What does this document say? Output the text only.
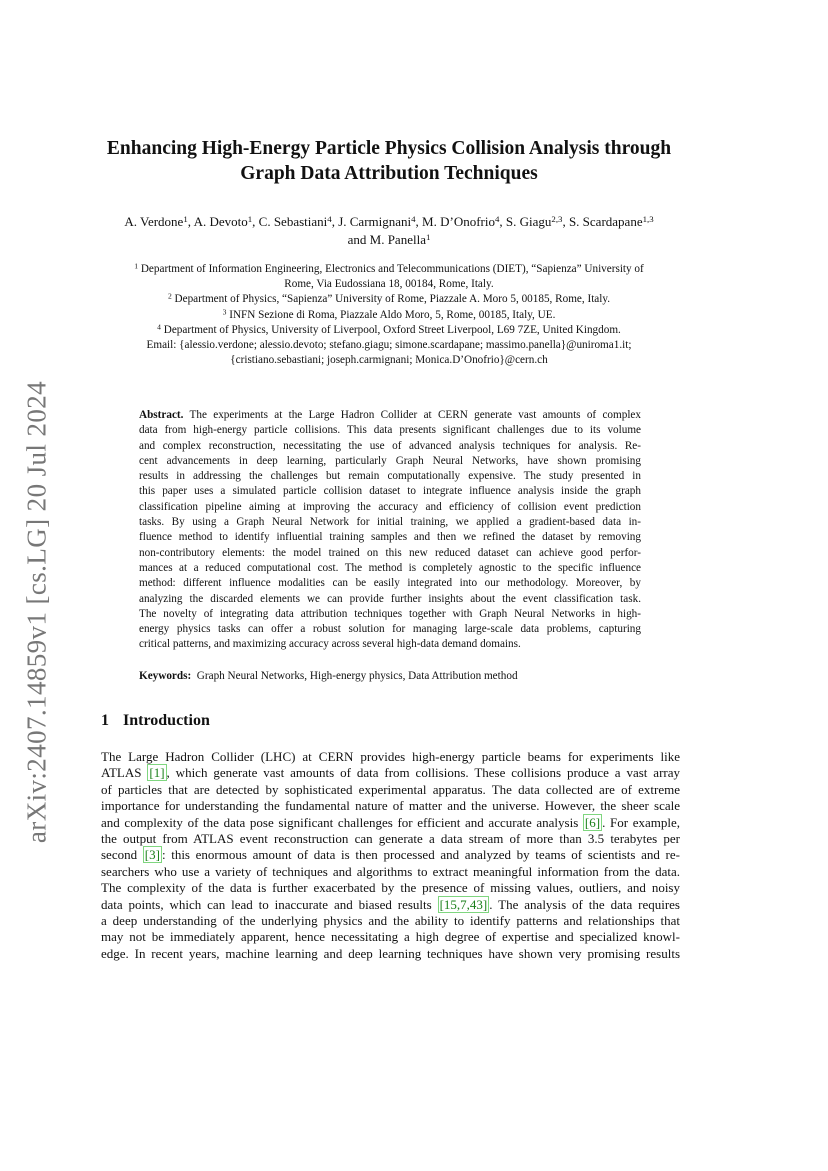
arXiv:2407.14859v1 [cs.LG] 20 Jul 2024
Enhancing High-Energy Particle Physics Collision Analysis through
Graph Data Attribution Techniques
A. Verdone$^1$, A. Devoto$^1$, C. Sebastiani$^4$, J. Carmignani$^4$, M. D’Onofrio$^4$, S. Giagu$^{2,3}$, S. Scardapane$^{1,3}$
and M. Panella$^1$
$^1$ Department of Information Engineering, Electronics and Telecommunications (DIET), “Sapienza” University of
Rome, Via Eudossiana 18, 00184, Rome, Italy.
$^2$ Department of Physics, “Sapienza” University of Rome, Piazzale A. Moro 5, 00185, Rome, Italy.
$^3$ INFN Sezione di Roma, Piazzale Aldo Moro, 5, Rome, 00185, Italy, UE.
$^4$ Department of Physics, University of Liverpool, Oxford Street Liverpool, L69 7ZE, United Kingdom.
Email: {alessio.verdone; alessio.devoto; stefano.giagu; simone.scardapane; massimo.panella}@uniroma1.it;
{cristiano.sebastiani; joseph.carmignani; Monica.D’Onofrio}@cern.ch
Abstract. The experiments at the Large Hadron Collider at CERN generate vast amounts of complex
data from high-energy particle collisions. This data presents significant challenges due to its volume
and complex reconstruction, necessitating the use of advanced analysis techniques for analysis. Re-
cent advancements in deep learning, particularly Graph Neural Networks, have shown promising
results in addressing the challenges but remain computationally expensive. The study presented in
this paper uses a simulated particle collision dataset to integrate influence analysis inside the graph
classification pipeline aiming at improving the accuracy and efficiency of collision event prediction
tasks. By using a Graph Neural Network for initial training, we applied a gradient-based data in-
fluence method to identify influential training samples and then we refined the dataset by removing
non-contributory elements: the model trained on this new reduced dataset can achieve good perfor-
mances at a reduced computational cost. The method is completely agnostic to the specific influence
method: different influence modalities can be easily integrated into our methodology. Moreover, by
analyzing the discarded elements we can provide further insights about the event classification task.
The novelty of integrating data attribution techniques together with Graph Neural Networks in high-
energy physics tasks can offer a robust solution for managing large-scale data problems, capturing
critical patterns, and maximizing accuracy across several high-data demand domains.
Keywords: Graph Neural Networks, High-energy physics, Data Attribution method
1 Introduction
The Large Hadron Collider (LHC) at CERN provides high-energy particle beams for experiments like
ATLAS [1] , which generate vast amounts of data from collisions. These collisions produce a vast array
of particles that are detected by sophisticated experimental apparatus. The data collected are of extreme
importance for understanding the fundamental nature of matter and the universe. However, the sheer scale
and complexity of the data pose significant challenges for efficient and accurate analysis [6] . For example,
the output from ATLAS event reconstruction can generate a data stream of more than 3.5 terabytes per
second [3] : this enormous amount of data is then processed and analyzed by teams of scientists and re-
searchers who use a variety of techniques and algorithms to extract meaningful information from the data.
The complexity of the data is further exacerbated by the presence of missing values, outliers, and noisy
data points, which can lead to inaccurate and biased results [15,7,43] . The analysis of the data requires
a deep understanding of the underlying physics and the ability to identify patterns and relationships that
may not be immediately apparent, hence necessitating a high degree of expertise and specialized knowl-
edge. In recent years, machine learning and deep learning techniques have shown very promising results
